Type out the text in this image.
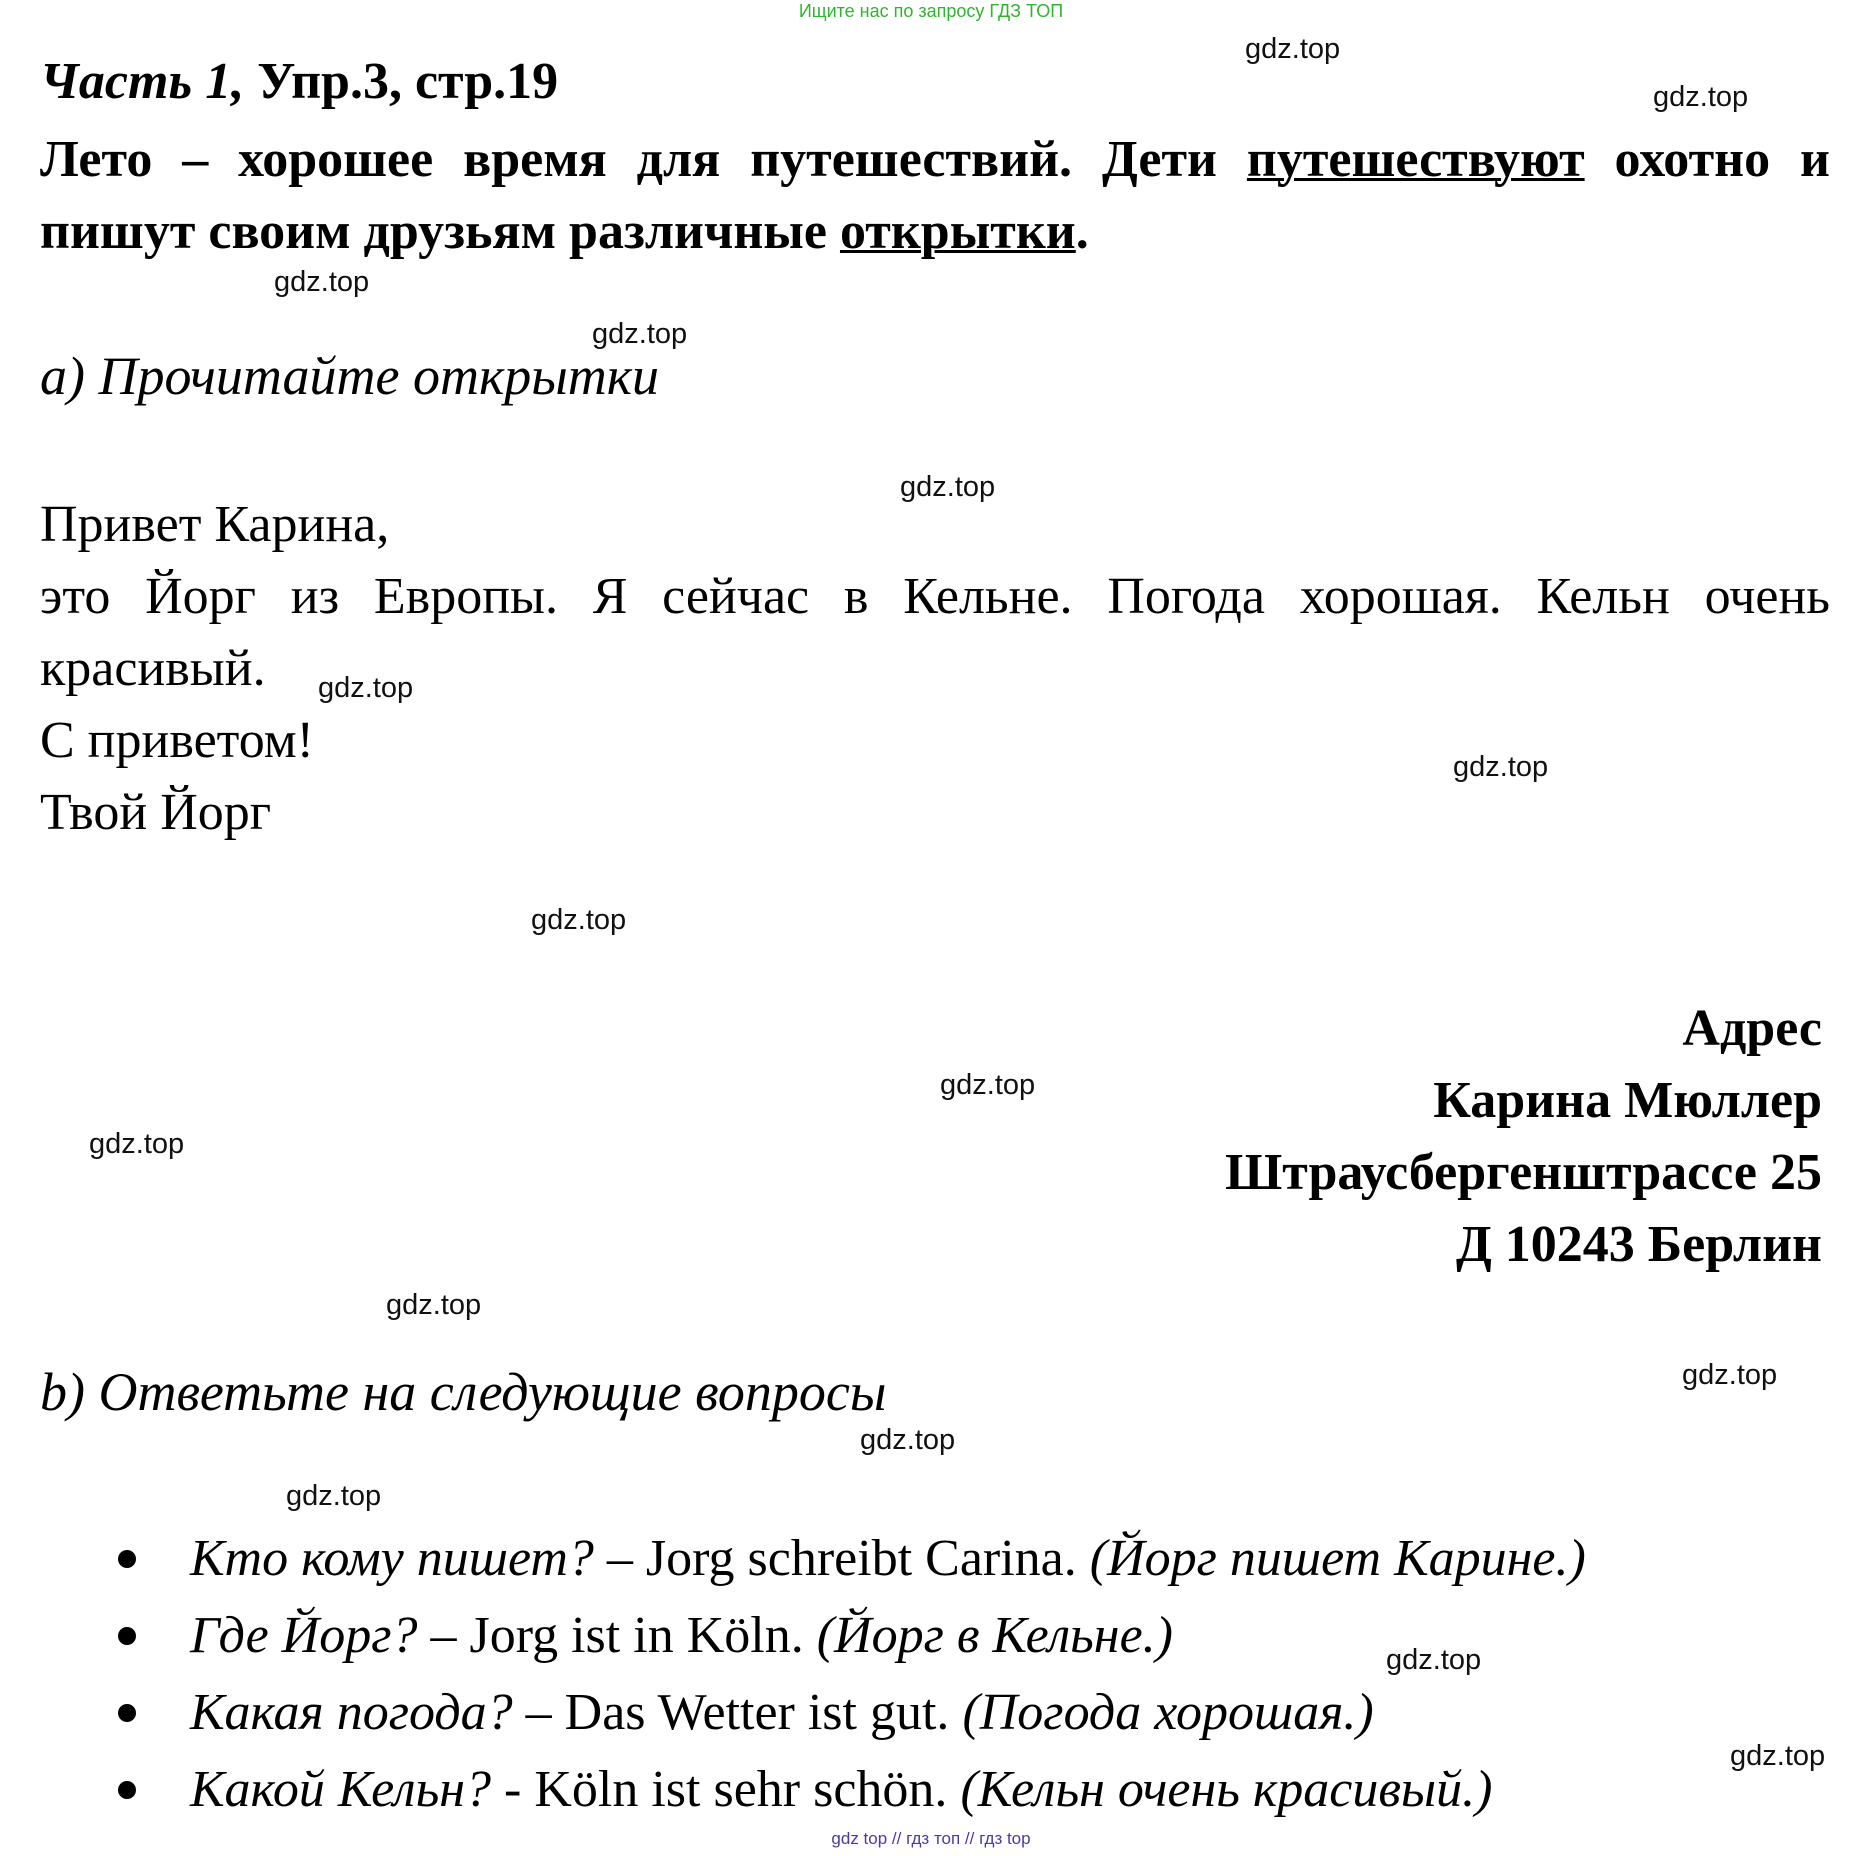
Ищите нас по запросу ГДЗ ТОП
Часть 1, Упр.3, стр.19
Лето – хорошее время для путешествий. Дети путешествуют охотно и пишут своим друзьям различные открытки.
a) Прочитайте открытки
Привет Карина,
это Йорг из Европы. Я сейчас в Кельне. Погода хорошая. Кельн очень
красивый.
С приветом!
Твой Йорг
Адрес
Карина Мюллер
Штраусбергенштрассе 25
Д 10243 Берлин
b) Ответьте на следующие вопросы
Кто кому пишет? – Jorg schreibt Carina. (Йорг пишет Карине.)
Где Йорг? – Jorg ist in Köln. (Йорг в Кельне.)
Какая погода? – Das Wetter ist gut. (Погода хорошая.)
Какой Кельн? - Köln ist sehr schön. (Кельн очень красивый.)
gdz.top
gdz.top
gdz.top
gdz.top
gdz.top
gdz.top
gdz.top
gdz.top
gdz.top
gdz.top
gdz.top
gdz.top
gdz.top
gdz.top
gdz.top
gdz.top
gdz top // гдз топ // гдз top
